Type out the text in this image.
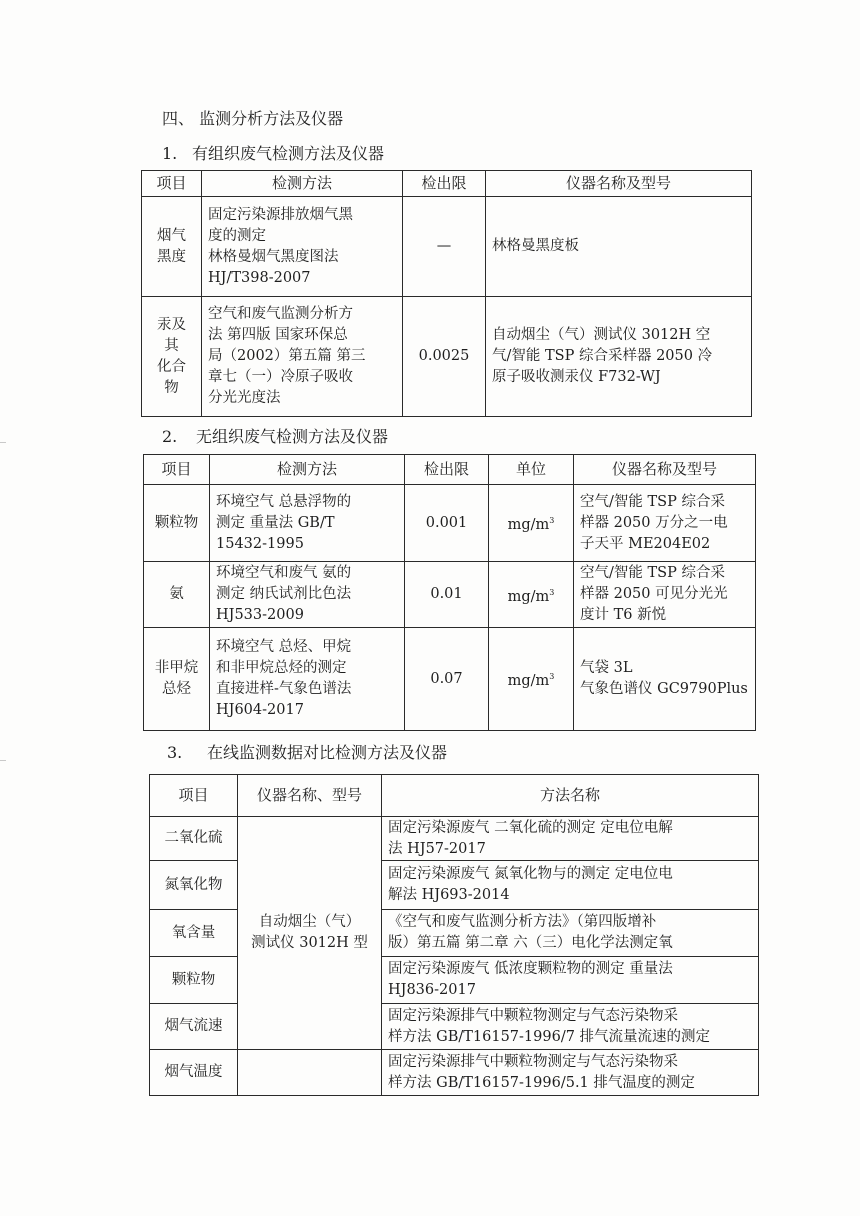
四、 监测分析方法及仪器
1. 有组织废气检测方法及仪器
项目	检测方法	检出限	仪器名称及型号
烟气
黑度	固定污染源排放烟气黑
度的测定
林格曼烟气黑度图法
HJ/T398-2007	—	林格曼黑度板
汞及
其
化合
物	空气和废气监测分析方
法 第四版 国家环保总
局（2002）第五篇 第三
章七（一）冷原子吸收
分光光度法	0.0025	自动烟尘（气）测试仪 3012H 空
气/智能 TSP 综合采样器 2050 冷
原子吸收测汞仪 F732-WJ
2. 无组织废气检测方法及仪器
项目	检测方法	检出限	单位	仪器名称及型号
颗粒物	环境空气 总悬浮物的
测定 重量法 GB/T
15432-1995	0.001	$mg/m^3$	空气/智能 TSP 综合采
样器 2050 万分之一电
子天平 ME204E02
氨	环境空气和废气 氨的
测定 纳氏试剂比色法
HJ533-2009	0.01	$mg/m^3$	空气/智能 TSP 综合采
样器 2050 可见分光光
度计 T6 新悦
非甲烷
总烃	环境空气 总烃、甲烷
和非甲烷总烃的测定
直接进样-气象色谱法
HJ604-2017	0.07	$mg/m^3$	气袋 3L
气象色谱仪 GC9790Plus
3. 在线监测数据对比检测方法及仪器
项目	仪器名称、型号	方法名称
二氧化硫	自动烟尘（气）
测试仪 3012H 型	固定污染源废气 二氧化硫的测定 定电位电解
法 HJ57-2017
氮氧化物		固定污染源废气 氮氧化物与的测定 定电位电
解法 HJ693-2014
氧含量		《空气和废气监测分析方法》（第四版增补
版）第五篇 第二章 六（三）电化学法测定氧
颗粒物		固定污染源废气 低浓度颗粒物的测定 重量法
HJ836-2017
烟气流速		固定污染源排气中颗粒物测定与气态污染物采
样方法 GB/T16157-1996/7 排气流量流速的测定
烟气温度		固定污染源排气中颗粒物测定与气态污染物采
样方法 GB/T16157-1996/5.1 排气温度的测定
